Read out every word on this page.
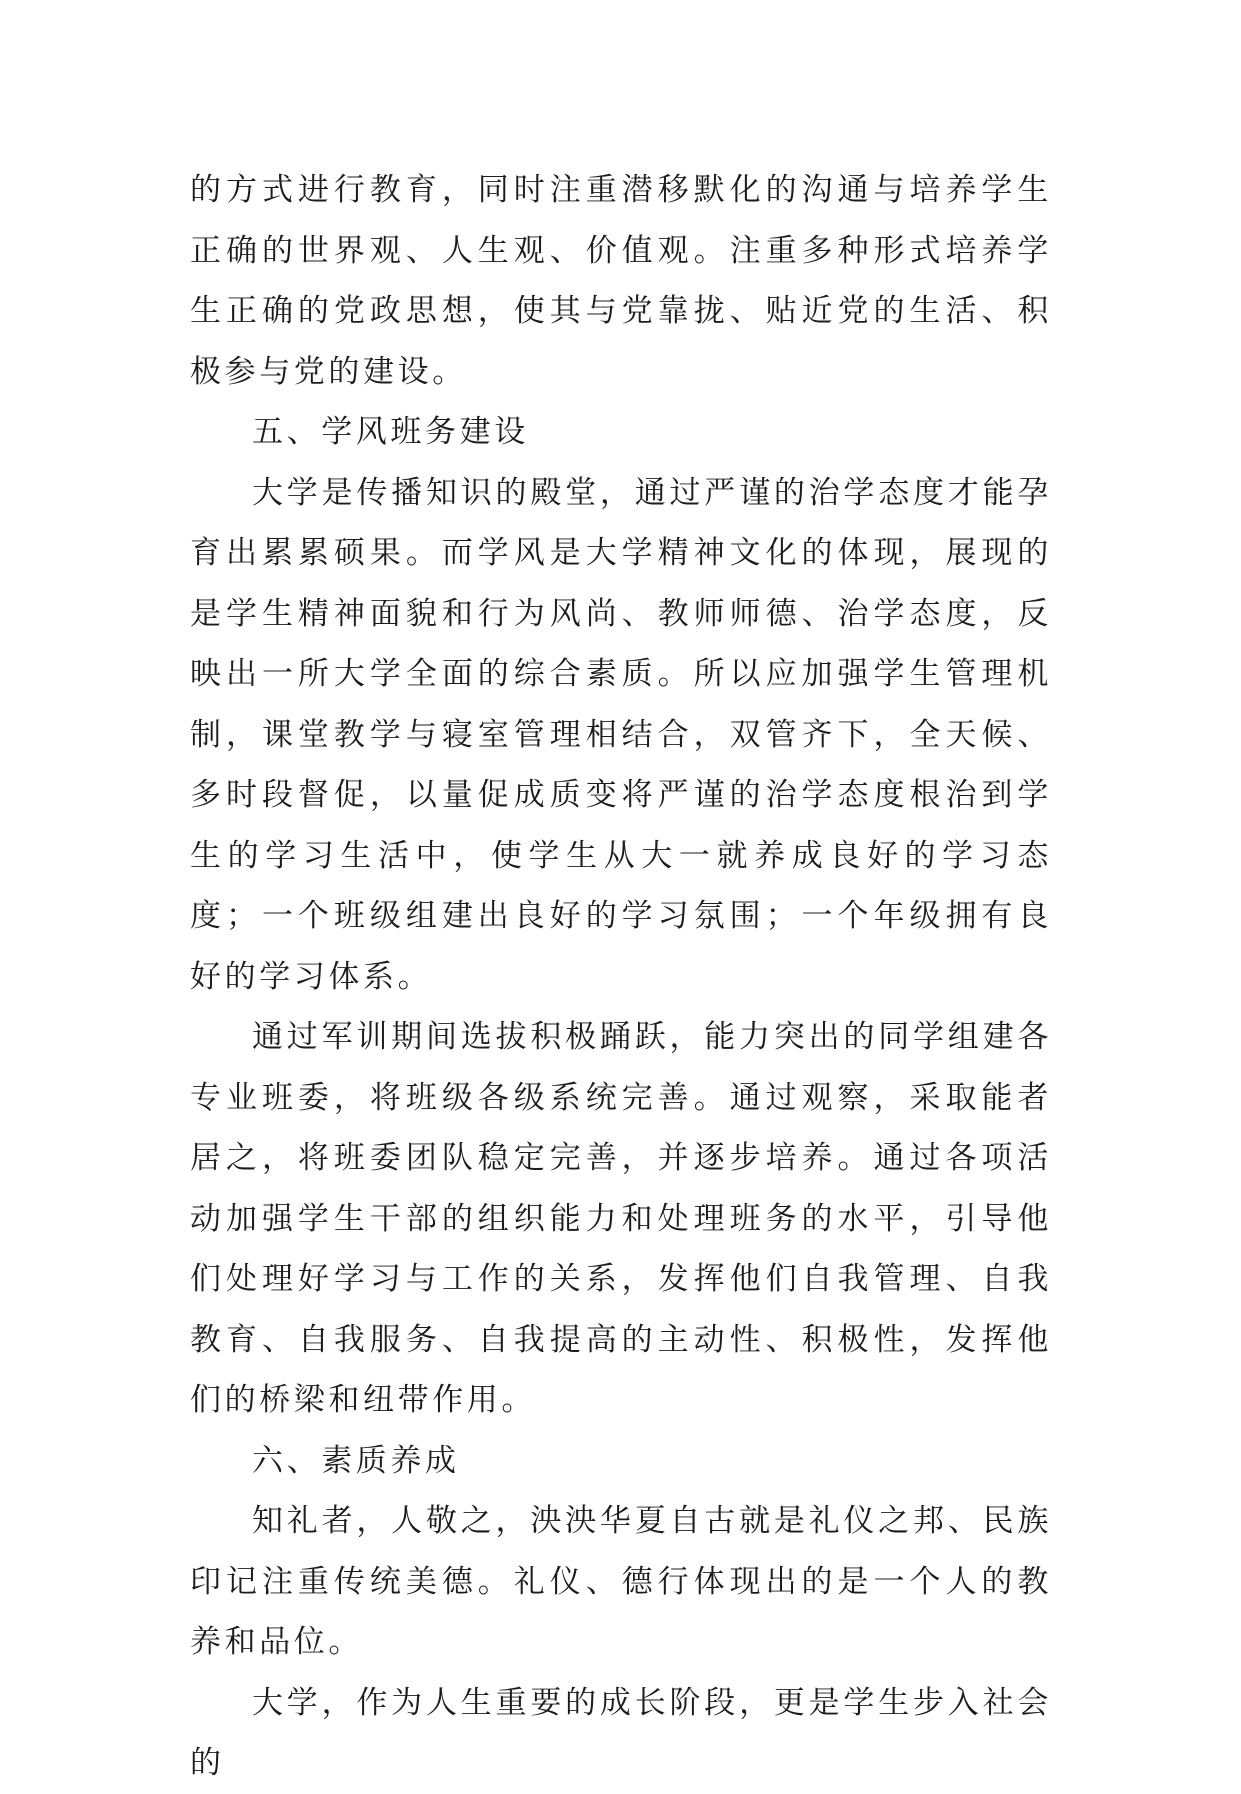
的方式进行教育，同时注重潜移默化的沟通与培养学生正确的世界观、人生观、价值观。注重多种形式培养学生正确的党政思想，使其与党靠拢、贴近党的生活、积极参与党的建设。

五、学风班务建设

大学是传播知识的殿堂，通过严谨的治学态度才能孕育出累累硕果。而学风是大学精神文化的体现，展现的是学生精神面貌和行为风尚、教师师德、治学态度，反映出一所大学全面的综合素质。所以应加强学生管理机制，课堂教学与寝室管理相结合，双管齐下，全天候、多时段督促，以量促成质变将严谨的治学态度根治到学生的学习生活中，使学生从大一就养成良好的学习态度；一个班级组建出良好的学习氛围；一个年级拥有良好的学习体系。

通过军训期间选拔积极踊跃，能力突出的同学组建各专业班委，将班级各级系统完善。通过观察，采取能者居之，将班委团队稳定完善，并逐步培养。通过各项活动加强学生干部的组织能力和处理班务的水平，引导他们处理好学习与工作的关系，发挥他们自我管理、自我教育、自我服务、自我提高的主动性、积极性，发挥他们的桥梁和纽带作用。

六、素质养成

知礼者，人敬之，泱泱华夏自古就是礼仪之邦、民族印记注重传统美德。礼仪、德行体现出的是一个人的教养和品位。

大学，作为人生重要的成长阶段，更是学生步入社会的
